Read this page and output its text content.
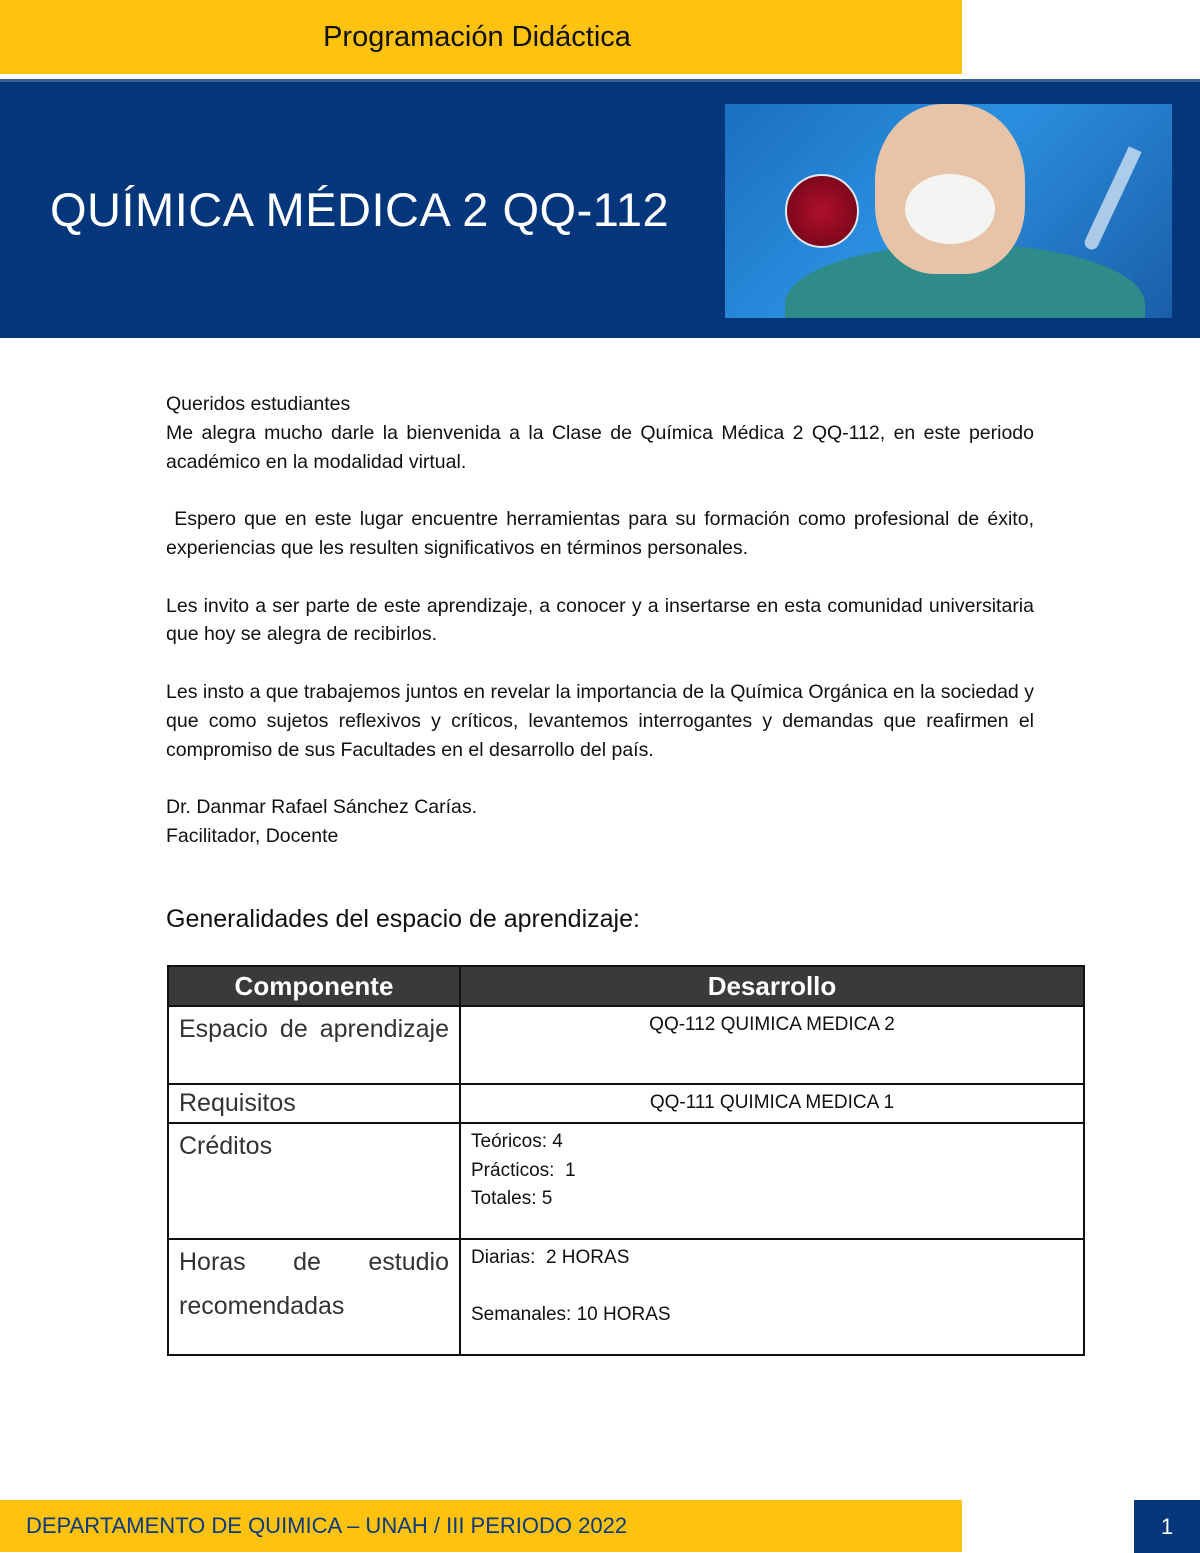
Programación Didáctica
QUÍMICA MÉDICA 2 QQ-112
Queridos estudiantes

Me alegra mucho darle la bienvenida a la Clase de Química Médica 2 QQ-112, en este periodo académico en la modalidad virtual.

Espero que en este lugar encuentre herramientas para su formación como profesional de éxito, experiencias que les resulten significativos en términos personales.

Les invito a ser parte de este aprendizaje, a conocer y a insertarse en esta comunidad universitaria que hoy se alegra de recibirlos.

Les insto a que trabajemos juntos en revelar la importancia de la Química Orgánica en la sociedad y que como sujetos reflexivos y críticos, levantemos interrogantes y demandas que reafirmen el compromiso de sus Facultades en el desarrollo del país.

Dr. Danmar Rafael Sánchez Carías.
Facilitador, Docente
Generalidades del espacio de aprendizaje:
Componente	Desarrollo
Espacio de aprendizaje	QQ-112 QUIMICA MEDICA 2
Requisitos	QQ-111 QUIMICA MEDICA 1
Créditos	Teóricos: 4
Prácticos:  1
Totales: 5

Horas de estudio recomendadas	Diarias:  2 HORAS
Semanales: 10 HORAS
DEPARTAMENTO DE QUIMICA – UNAH / III PERIODO 2022	1
